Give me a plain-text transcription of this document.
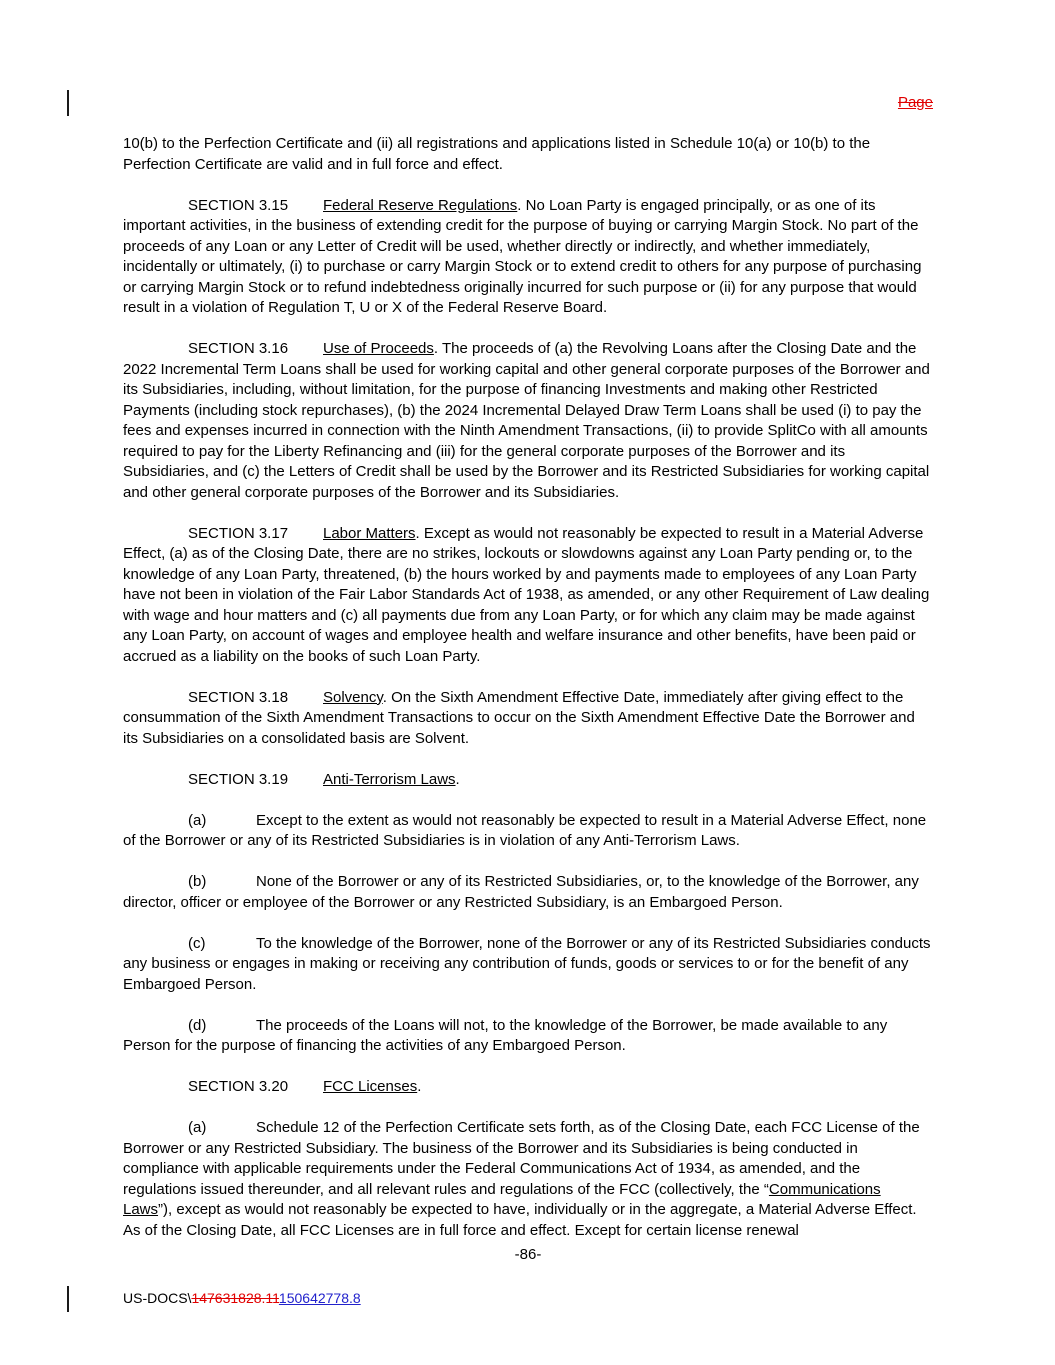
Page

10(b) to the Perfection Certificate and (ii) all registrations and applications listed in Schedule 10(a) or 10(b) to the Perfection Certificate are valid and in full force and effect.

SECTION 3.15 Federal Reserve Regulations. No Loan Party is engaged principally, or as one of its important activities, in the business of extending credit for the purpose of buying or carrying Margin Stock. No part of the proceeds of any Loan or any Letter of Credit will be used, whether directly or indirectly, and whether immediately, incidentally or ultimately, (i) to purchase or carry Margin Stock or to extend credit to others for any purpose of purchasing or carrying Margin Stock or to refund indebtedness originally incurred for such purpose or (ii) for any purpose that would result in a violation of Regulation T, U or X of the Federal Reserve Board.

SECTION 3.16 Use of Proceeds. The proceeds of (a) the Revolving Loans after the Closing Date and the 2022 Incremental Term Loans shall be used for working capital and other general corporate purposes of the Borrower and its Subsidiaries, including, without limitation, for the purpose of financing Investments and making other Restricted Payments (including stock repurchases), (b) the 2024 Incremental Delayed Draw Term Loans shall be used (i) to pay the fees and expenses incurred in connection with the Ninth Amendment Transactions, (ii) to provide SplitCo with all amounts required to pay for the Liberty Refinancing and (iii) for the general corporate purposes of the Borrower and its Subsidiaries, and (c) the Letters of Credit shall be used by the Borrower and its Restricted Subsidiaries for working capital and other general corporate purposes of the Borrower and its Subsidiaries.

SECTION 3.17 Labor Matters. Except as would not reasonably be expected to result in a Material Adverse Effect, (a) as of the Closing Date, there are no strikes, lockouts or slowdowns against any Loan Party pending or, to the knowledge of any Loan Party, threatened, (b) the hours worked by and payments made to employees of any Loan Party have not been in violation of the Fair Labor Standards Act of 1938, as amended, or any other Requirement of Law dealing with wage and hour matters and (c) all payments due from any Loan Party, or for which any claim may be made against any Loan Party, on account of wages and employee health and welfare insurance and other benefits, have been paid or accrued as a liability on the books of such Loan Party.

SECTION 3.18 Solvency. On the Sixth Amendment Effective Date, immediately after giving effect to the consummation of the Sixth Amendment Transactions to occur on the Sixth Amendment Effective Date the Borrower and its Subsidiaries on a consolidated basis are Solvent.

SECTION 3.19 Anti-Terrorism Laws.

(a)	Except to the extent as would not reasonably be expected to result in a Material Adverse Effect, none of the Borrower or any of its Restricted Subsidiaries is in violation of any Anti-Terrorism Laws.

(b)	None of the Borrower or any of its Restricted Subsidiaries, or, to the knowledge of the Borrower, any director, officer or employee of the Borrower or any Restricted Subsidiary, is an Embargoed Person.

(c)	To the knowledge of the Borrower, none of the Borrower or any of its Restricted Subsidiaries conducts any business or engages in making or receiving any contribution of funds, goods or services to or for the benefit of any Embargoed Person.

(d)	The proceeds of the Loans will not, to the knowledge of the Borrower, be made available to any Person for the purpose of financing the activities of any Embargoed Person.

SECTION 3.20 FCC Licenses.

(a)	Schedule 12 of the Perfection Certificate sets forth, as of the Closing Date, each FCC License of the Borrower or any Restricted Subsidiary. The business of the Borrower and its Subsidiaries is being conducted in compliance with applicable requirements under the Federal Communications Act of 1934, as amended, and the regulations issued thereunder, and all relevant rules and regulations of the FCC (collectively, the “Communications Laws”), except as would not reasonably be expected to have, individually or in the aggregate, a Material Adverse Effect. As of the Closing Date, all FCC Licenses are in full force and effect. Except for certain license renewal

-86-
US-DOCS\147631828.11150642778.8
